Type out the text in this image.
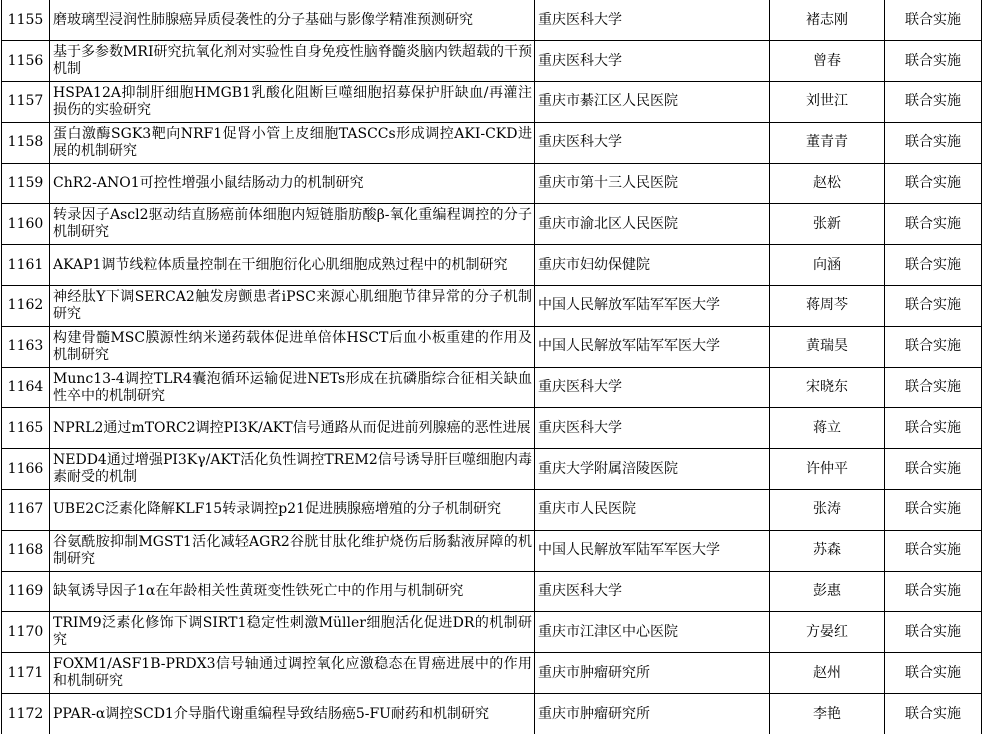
1155	磨玻璃型浸润性肺腺癌异质侵袭性的分子基础与影像学精准预测研究	重庆医科大学	褚志刚	联合实施
1156	基于多参数MRI研究抗氧化剂对实验性自身免疫性脑脊髓炎脑内铁超载的干预机制	重庆医科大学	曾春	联合实施
1157	HSPA12A抑制肝细胞HMGB1乳酸化阻断巨噬细胞招募保护肝缺血/再灌注损伤的实验研究	重庆市綦江区人民医院	刘世江	联合实施
1158	蛋白激酶SGK3靶向NRF1促肾小管上皮细胞TASCCs形成调控AKI-CKD进展的机制研究	重庆医科大学	董青青	联合实施
1159	ChR2-ANO1可控性增强小鼠结肠动力的机制研究	重庆市第十三人民医院	赵松	联合实施
1160	转录因子Ascl2驱动结直肠癌前体细胞内短链脂肪酸β-氧化重编程调控的分子机制研究	重庆市渝北区人民医院	张新	联合实施
1161	AKAP1调节线粒体质量控制在干细胞衍化心肌细胞成熟过程中的机制研究	重庆市妇幼保健院	向涵	联合实施
1162	神经肽Y下调SERCA2触发房颤患者iPSC来源心肌细胞节律异常的分子机制研究	中国人民解放军陆军军医大学	蒋周芩	联合实施
1163	构建骨髓MSC膜源性纳米递药载体促进单倍体HSCT后血小板重建的作用及机制研究	中国人民解放军陆军军医大学	黄瑞昊	联合实施
1164	Munc13-4调控TLR4囊泡循环运输促进NETs形成在抗磷脂综合征相关缺血性卒中的机制研究	重庆医科大学	宋晓东	联合实施
1165	NPRL2通过mTORC2调控PI3K/AKT信号通路从而促进前列腺癌的恶性进展	重庆医科大学	蒋立	联合实施
1166	NEDD4通过增强PI3Kγ/AKT活化负性调控TREM2信号诱导肝巨噬细胞内毒素耐受的机制	重庆大学附属涪陵医院	许仲平	联合实施
1167	UBE2C泛素化降解KLF15转录调控p21促进胰腺癌增殖的分子机制研究	重庆市人民医院	张涛	联合实施
1168	谷氨酰胺抑制MGST1活化减轻AGR2谷胱甘肽化维护烧伤后肠黏液屏障的机制研究	中国人民解放军陆军军医大学	苏森	联合实施
1169	缺氧诱导因子1α在年龄相关性黄斑变性铁死亡中的作用与机制研究	重庆医科大学	彭惠	联合实施
1170	TRIM9泛素化修饰下调SIRT1稳定性刺激Müller细胞活化促进DR的机制研究	重庆市江津区中心医院	方晏红	联合实施
1171	FOXM1/ASF1B-PRDX3信号轴通过调控氧化应激稳态在胃癌进展中的作用和机制研究	重庆市肿瘤研究所	赵州	联合实施
1172	PPAR-α调控SCD1介导脂代谢重编程导致结肠癌5-FU耐药和机制研究	重庆市肿瘤研究所	李艳	联合实施
